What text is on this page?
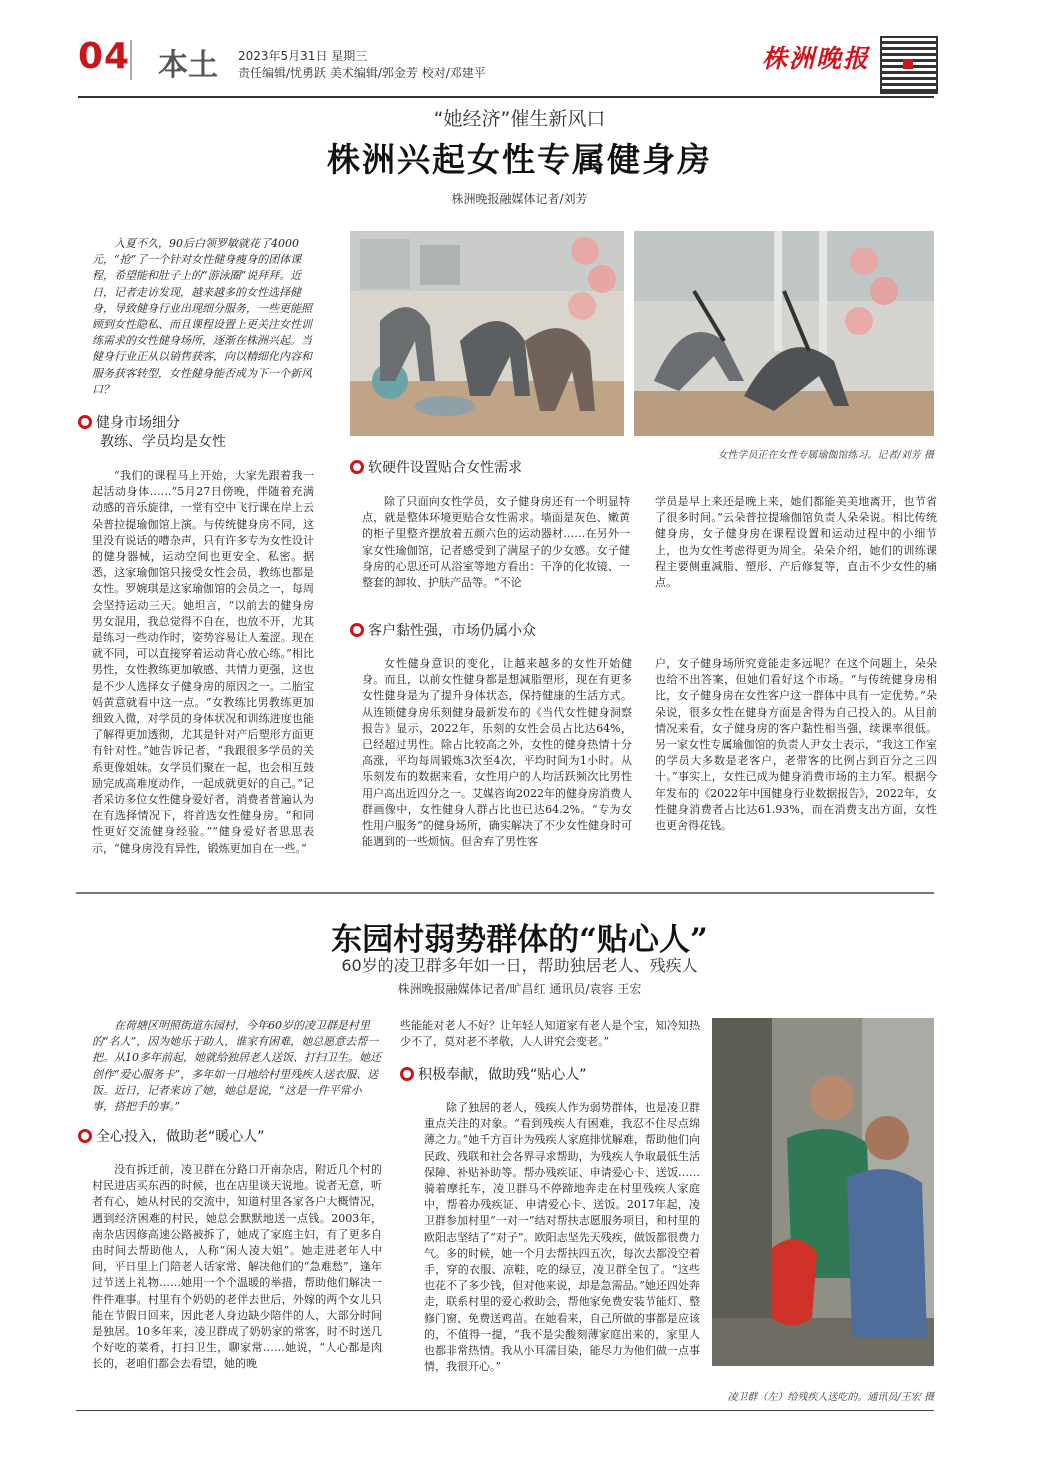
04 本土 2023年5月31日 星期三
责任编辑/忧勇跃 美术编辑/郭金芳 校对/邓建平	株洲晚报
“她经济”催生新风口
株洲兴起女性专属健身房
株洲晚报融媒体记者/刘芳

入夏不久，90后白领罗敏就花了4000元，“抢”了一个针对女性健身瘦身的团体课程，希望能和肚子上的“游泳圈”说拜拜。近日，记者走访发现，越来越多的女性选择健身，导致健身行业出现细分服务，一些更能照顾到女性隐私、而且课程设置上更关注女性训练需求的女性健身场所，逐渐在株洲兴起。当健身行业正从以销售获客，向以精细化内容和服务获客转型，女性健身能否成为下一个新风口？

健身市场细分
教练、学员均是女性

“我们的课程马上开始，大家先跟着我一起活动身体……”5月27日傍晚，伴随着充满动感的音乐旋律，一堂有空中飞行课在岸上云朵普拉提瑜伽馆上演。与传统健身房不同，这里没有说话的嘈杂声，只有许多专为女性设计的健身器械，运动空间也更安全、私密。据悉，这家瑜伽馆只接受女性会员，教练也都是女性。罗婉琪是这家瑜伽馆的会员之一，每周会坚持运动三天。她坦言，“以前去的健身房男女混用，我总觉得不自在，也放不开，尤其是练习一些动作时，姿势容易让人羞涩。现在就不同，可以直接穿着运动背心放心练。”相比男性，女性教练更加敏感、共情力更强，这也是不少人选择女子健身房的原因之一。二胎宝妈黄意就看中这一点。“女教练比男教练更加细致入微，对学员的身体状况和训练进度也能了解得更加透彻，尤其是针对产后塑形方面更有针对性。”她告诉记者，“我跟很多学员的关系更像姐妹。女学员们聚在一起，也会相互鼓励完成高难度动作，一起成就更好的自己。”记者采访多位女性健身爱好者，消费者普遍认为在有选择情况下，将首选女性健身房。“和同性更好交流健身经验。”“健身爱好者思思表示，“健身房没有异性，锻炼更加自在一些。”

女性学员正在女性专属瑜伽馆练习。记者/刘芳 摄
软硬件设置贴合女性需求

除了只面向女性学员，女子健身房还有一个明显特点，就是整体环境更贴合女性需求。墙面是灰色、嫩黄的柜子里整齐摆放着五颜六色的运动器材……在另外一家女性瑜伽馆，记者感受到了满屋子的少女感。女子健身房的心思还可从浴室等地方看出：干净的化妆镜、一整套的卸妆、护肤产品等。“不论

学员是早上来还是晚上来，她们都能美美地离开，也节省了很多时间。”云朵普拉提瑜伽馆负责人朵朵说。相比传统健身房，女子健身房在课程设置和运动过程中的小细节上，也为女性考虑得更为周全。朵朵介绍，她们的训练课程主要侧重减脂、塑形、产后修复等，直击不少女性的痛点。

客户黏性强，市场仍属小众

女性健身意识的变化，让越来越多的女性开始健身。而且，以前女性健身都是想减脂塑形，现在有更多女性健身是为了提升身体状态，保持健康的生活方式。从连锁健身房乐刻健身最新发布的《当代女性健身洞察报告》显示，2022年，乐刻的女性会员占比达64%，已经超过男性。除占比较高之外，女性的健身热情十分高涨，平均每周锻炼3次至4次，平均时间为1小时。从乐刻发布的数据来看，女性用户的人均活跃频次比男性用户高出近四分之一。艾媒咨询2022年的健身房消费人群画像中，女性健身人群占比也已达64.2%。“专为女性用户服务”的健身场所，确实解决了不少女性健身时可能遇到的一些烦恼。但舍弃了男性客

户，女子健身场所究竟能走多远呢？在这个问题上，朵朵也给不出答案，但她们看好这个市场。“与传统健身房相比，女子健身房在女性客户这一群体中具有一定优势。”朵朵说，很多女性在健身方面是舍得为自己投入的。从目前情况来看，女子健身房的客户黏性相当强，续课率很低。另一家女性专属瑜伽馆的负责人尹女士表示，“我这工作室的学员大多数是老客户，老带客的比例占到百分之三四十。”事实上，女性已成为健身消费市场的主力军。根据今年发布的《2022年中国健身行业数据报告》，2022年，女性健身消费者占比达61.93%，而在消费支出方面，女性也更舍得花钱。

东园村弱势群体的“贴心人”
60岁的凌卫群多年如一日，帮助独居老人、残疾人
株洲晚报融媒体记者/旷昌红 通讯员/袁容 王宏

在荷塘区明照街道东园村，今年60岁的凌卫群是村里的“名人”，因为她乐于助人，谁家有困难，她总愿意去帮一把。从10多年前起，她就给独居老人送饭、打扫卫生。她还创作“爱心服务卡”，多年如一日地给村里残疾人送衣服、送饭。近日，记者来访了她，她总是说，“这是一件平常小事，搭把手的事。”

全心投入，做助老“暖心人”

没有拆迁前，凌卫群在分路口开南杂店，附近几个村的村民进店买东西的时候，也在店里谈天说地。说者无意，听者有心，她从村民的交流中，知道村里各家各户大概情况，遇到经济困难的村民，她总会默默地送一点钱。2003年，南杂店因修高速公路被拆了，她成了家庭主妇，有了更多自由时间去帮助他人，人称“闲人凌大姐”。她走进老年人中间，平日里上门陪老人话家常、解决他们的“急难愁”，逢年过节送上礼物……她用一个个温暖的举措，帮助他们解决一件件难事。村里有个奶奶的老伴去世后，外嫁的两个女儿只能在节假日回来，因此老人身边缺少陪伴的人，大部分时间是独居。10多年来，凌卫群成了奶奶家的常客，时不时送几个好吃的菜肴，打扫卫生，聊家常……她说，“人心都是肉长的，老咱们都会去看望，她的晚

些能能对老人不好？让年轻人知道家有老人是个宝，知冷知热少不了，莫对老不孝敬，人人讲究会变老。”

积极奉献，做助残“贴心人”

除了独居的老人，残疾人作为弱势群体，也是凌卫群重点关注的对象。“看到残疾人有困难，我忍不住尽点绵薄之力。”她千方百计为残疾人家庭排忧解难，帮助他们向民政、残联和社会各界寻求帮助，为残疾人争取最低生活保障、补贴补助等。帮办残疾证、申请爱心卡、送饭……骑着摩托车，凌卫群马不停蹄地奔走在村里残疾人家庭中，帮着办残疾证、申请爱心卡、送饭。2017年起，凌卫群参加村里“一对一”结对帮扶志愿服务项目，和村里的欧阳志坚结了“对子”。欧阳志坚先天残疾，做饭都很费力气。多的时候，她一个月去帮扶四五次，每次去都没空着手，穿的衣服、凉鞋，吃的绿豆，凌卫群全包了。“这些也花不了多少钱，但对他来说，却是急需品。”她还四处奔走，联系村里的爱心救助会，帮他家免费安装节能灯、整修门窗、免费送鸡苗。在她看来，自己所做的事都是应该的，不值得一提，“我不是尖酸刻薄家庭出来的，家里人也都非常热情。我从小耳濡目染，能尽力为他们做一点事情，我很开心。”

凌卫群（左）给残疾人送吃的。通讯员/王宏 摄
